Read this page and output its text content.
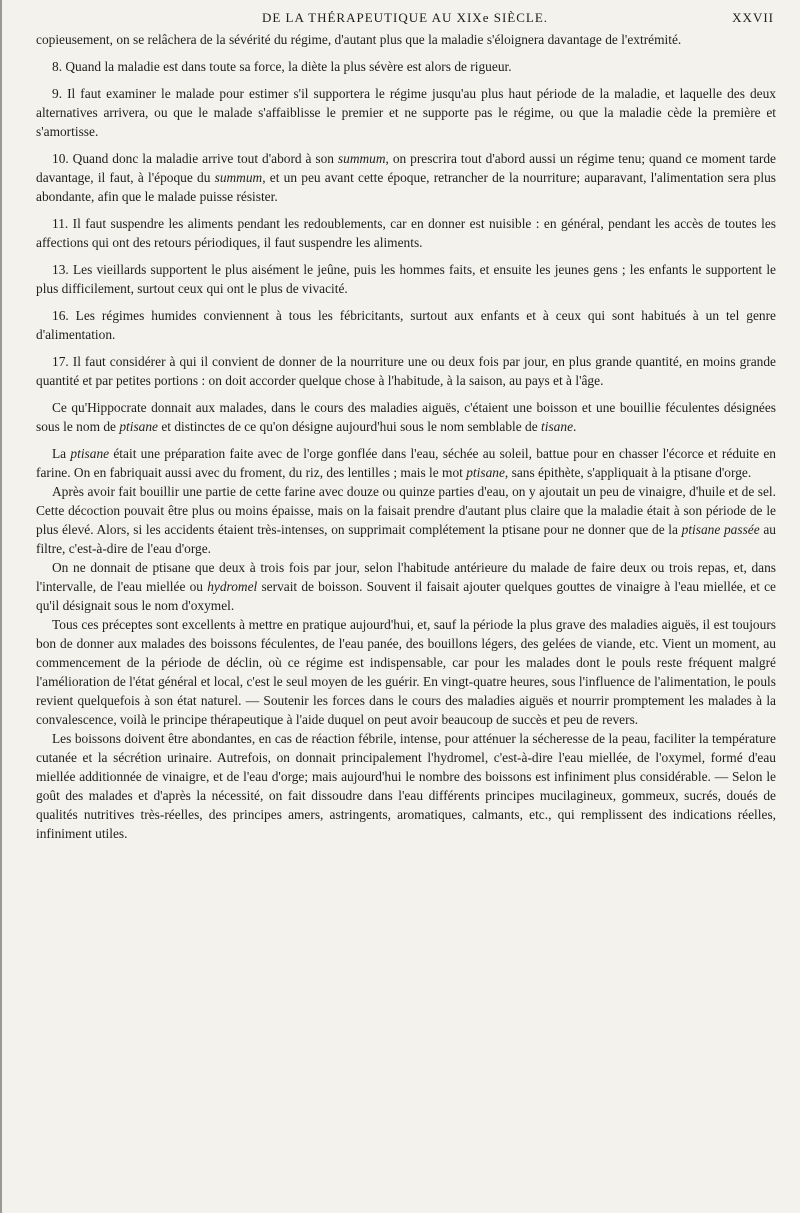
DE LA THÉRAPEUTIQUE AU XIXe SIÈCLE.	XXVII

copieusement, on se relâchera de la sévérité du régime, d'autant plus que la maladie s'éloignera davantage de l'extrémité.

8. Quand la maladie est dans toute sa force, la diète la plus sévère est alors de rigueur.

9. Il faut examiner le malade pour estimer s'il supportera le régime jusqu'au plus haut période de la maladie, et laquelle des deux alternatives arrivera, ou que le malade s'affaiblisse le premier et ne supporte pas le régime, ou que la maladie cède la première et s'amortisse.

10. Quand donc la maladie arrive tout d'abord à son summum, on prescrira tout d'abord aussi un régime tenu; quand ce moment tarde davantage, il faut, à l'époque du summum, et un peu avant cette époque, retrancher de la nourriture; auparavant, l'alimentation sera plus abondante, afin que le malade puisse résister.

11. Il faut suspendre les aliments pendant les redoublements, car en donner est nuisible : en général, pendant les accès de toutes les affections qui ont des retours périodiques, il faut suspendre les aliments.

13. Les vieillards supportent le plus aisément le jeûne, puis les hommes faits, et ensuite les jeunes gens ; les enfants le supportent le plus difficilement, surtout ceux qui ont le plus de vivacité.

16. Les régimes humides conviennent à tous les fébricitants, surtout aux enfants et à ceux qui sont habitués à un tel genre d'alimentation.

17. Il faut considérer à qui il convient de donner de la nourriture une ou deux fois par jour, en plus grande quantité, en moins grande quantité et par petites portions : on doit accorder quelque chose à l'habitude, à la saison, au pays et à l'âge.

Ce qu'Hippocrate donnait aux malades, dans le cours des maladies aiguës, c'étaient une boisson et une bouillie féculentes désignées sous le nom de ptisane et distinctes de ce qu'on désigne aujourd'hui sous le nom semblable de tisane.

La ptisane était une préparation faite avec de l'orge gonflée dans l'eau, séchée au soleil, battue pour en chasser l'écorce et réduite en farine. On en fabriquait aussi avec du froment, du riz, des lentilles ; mais le mot ptisane, sans épithète, s'appliquait à la ptisane d'orge.

Après avoir fait bouillir une partie de cette farine avec douze ou quinze parties d'eau, on y ajoutait un peu de vinaigre, d'huile et de sel. Cette décoction pouvait être plus ou moins épaisse, mais on la faisait prendre d'autant plus claire que la maladie était à son période de le plus élevé. Alors, si les accidents étaient très-intenses, on supprimait complétement la ptisane pour ne donner que de la ptisane passée au filtre, c'est-à-dire de l'eau d'orge.

On ne donnait de ptisane que deux à trois fois par jour, selon l'habitude antérieure du malade de faire deux ou trois repas, et, dans l'intervalle, de l'eau miellée ou hydromel servait de boisson. Souvent il faisait ajouter quelques gouttes de vinaigre à l'eau miellée, et ce qu'il désignait sous le nom d'oxymel.

Tous ces préceptes sont excellents à mettre en pratique aujourd'hui, et, sauf la période la plus grave des maladies aiguës, il est toujours bon de donner aux malades des boissons féculentes, de l'eau panée, des bouillons légers, des gelées de viande, etc. Vient un moment, au commencement de la période de déclin, où ce régime est indispensable, car pour les malades dont le pouls reste fréquent malgré l'amélioration de l'état général et local, c'est le seul moyen de les guérir. En vingt-quatre heures, sous l'influence de l'alimentation, le pouls revient quelquefois à son état naturel. — Soutenir les forces dans le cours des maladies aiguës et nourrir promptement les malades à la convalescence, voilà le principe thérapeutique à l'aide duquel on peut avoir beaucoup de succès et peu de revers.

Les boissons doivent être abondantes, en cas de réaction fébrile, intense, pour atténuer la sécheresse de la peau, faciliter la température cutanée et la sécrétion urinaire. Autrefois, on donnait principalement l'hydromel, c'est-à-dire l'eau miellée, de l'oxymel, formé d'eau miellée additionnée de vinaigre, et de l'eau d'orge; mais aujourd'hui le nombre des boissons est infiniment plus considérable. — Selon le goût des malades et d'après la nécessité, on fait dissoudre dans l'eau différents principes mucilagineux, gommeux, sucrés, doués de qualités nutritives très-réelles, des principes amers, astringents, aromatiques, calmants, etc., qui remplissent des indications réelles, infiniment utiles.
